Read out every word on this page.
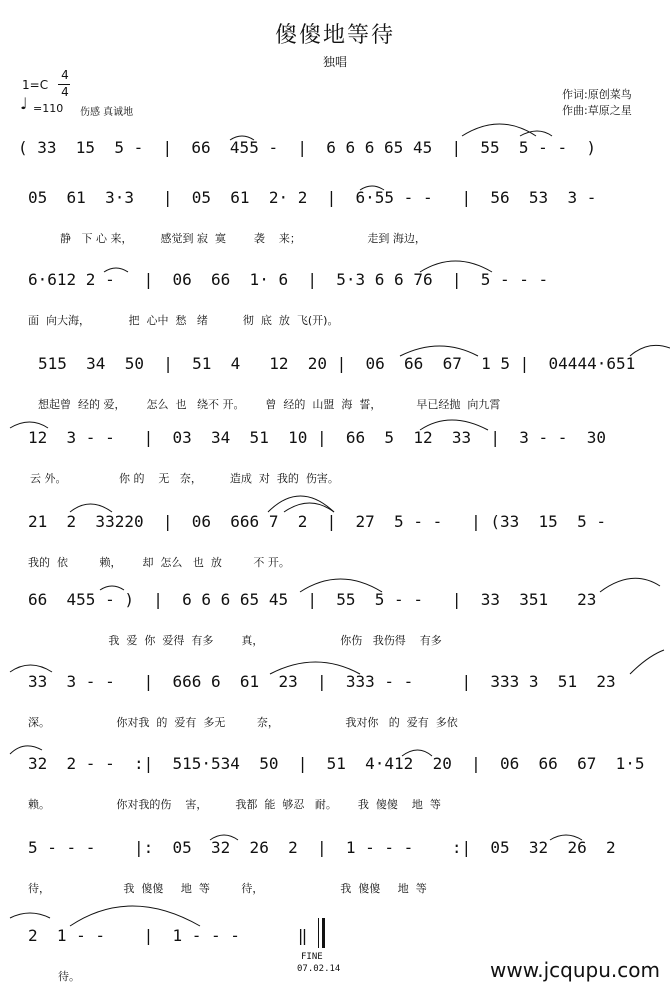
傻傻地等待
独唱
1=C
4
4
♩ =110 伤感 真诚地
作词:原创菜鸟
作曲:草原之星
( 33  15  5 -  |  66  455 -  |  6 6 6 65 45  |  55  5 - -  )
05  61  3·3   |  05  61  2· 2  |  6·55 - -   |  56  53  3 -
静   下 心 来，        感觉到 寂  寞        袭    来；                   走到 海边，
6·612 2 -   |  06  66  1· 6  |  5·3 6 6 76  |  5 - - -
面  向大海，           把  心中  愁   绪          彻  底  放  飞(开)。
515  34  50  |  51  4   12  20 |  06  66  67  1 5 |  04444·651
想起曾  经的 爱，      怎么  也   绕不 开。      曾  经的  山盟  海  誓，          早已经抛  向九霄
12  3 - -   |  03  34  51  10 |  66  5  12  33  |  3 - -  30
云 外。               你 的    无   奈，        造成  对  我的  伤害。
21  2  33220  |  06  666 7  2  |  27  5 - -   | (33  15  5 -
我的  依         赖，      却  怎么   也  放         不 开。
66  455 - )  |  6 6 6 65 45  |  55  5 - -   |  33  351   23
我  爱  你  爱得  有多        真，                      你伤   我伤得    有多
33  3 - -   |  666 6  61  23  |  333 - -     |  333 3  51  23
深。                   你对我  的  爱有  多无         奈，                   我对你   的  爱有  多依
32  2 - -  :|  515·534  50  |  51  4·412  20  |  06  66  67  1·5
赖。                   你对我的伤    害，        我都  能  够忍   耐。      我  傻傻    地  等
5 - - -    |:  05  32  26  2  |  1 - - -    :|  05  32  26  2
待，                     我  傻傻     地  等         待，                      我  傻傻     地  等
2  1 - -    |  1 - - -      ‖
待。
FINE
07.02.14	www.jcqupu.com
